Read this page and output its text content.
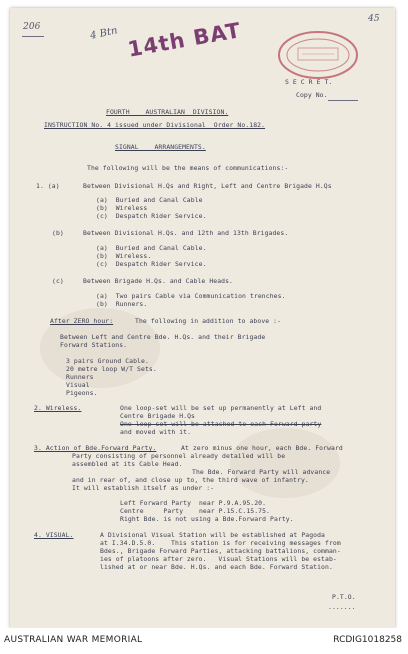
206	4 Btn
45
14th BAT
S E C R E T.
Copy No.
FOURTH    AUSTRALIAN  DIVISION.
INSTRUCTION No. 4 issued under Divisional  Order No.182.
SIGNAL    ARRANGEMENTS.
The following will be the means of communications:-
1. (a)	Between Divisional H.Qs and Right, Left and Centre Brigade H.Qs
(a)  Buried and Canal Cable
(b)  Wireless
(c)  Despatch Rider Service.
(b)	Between Divisional H.Qs. and 12th and 13th Brigades.
(a)  Buried and Canal Cable.
(b)  Wireless.
(c)  Despatch Rider Service.
(c)	Between Brigade H.Qs. and Cable Heads.
(a)  Two pairs Cable via Communication trenches.
(b)  Runners.
After ZERO hour:	The following in addition to above :-
Between Left and Centre Bde. H.Qs. and their Brigade
Forward Stations.
3 pairs Ground Cable.
20 metre loop W/T Sets.
Runners
Visual
Pigeons.
2. Wireless.	One loop-set will be set up permanently at Left and
Centre Brigade H.Qs
One loop-set will be attached to each Forward party
and moved with it.
3. Action of Bde.Forward Party.	At zero minus one hour, each Bde. Forward
Party consisting of personnel already detailed will be
assembled at its Cable Head.
The Bde. Forward Party will advance
and in rear of, and close up to, the third wave of infantry.
It will establish itself as under :-
Left Forward Party  near P.9.A.95.20.
Centre     Party    near P.15.C.15.75.
Right Bde. is not using a Bde.Forward Party.
4. VISUAL.	A Divisional Visual Station will be established at Pagoda
at I.34.D.5.0.    This station is for receiving messages from
Bdes., Brigade Forward Parties, attacking battalions, comman-
ies of platoons after zero.   Visual Stations will be estab-
lished at or near Bde. H.Qs. and each Bde. Forward Station.
P.T.O.
.......
AUSTRALIAN WAR MEMORIAL	RCDIG1018258
